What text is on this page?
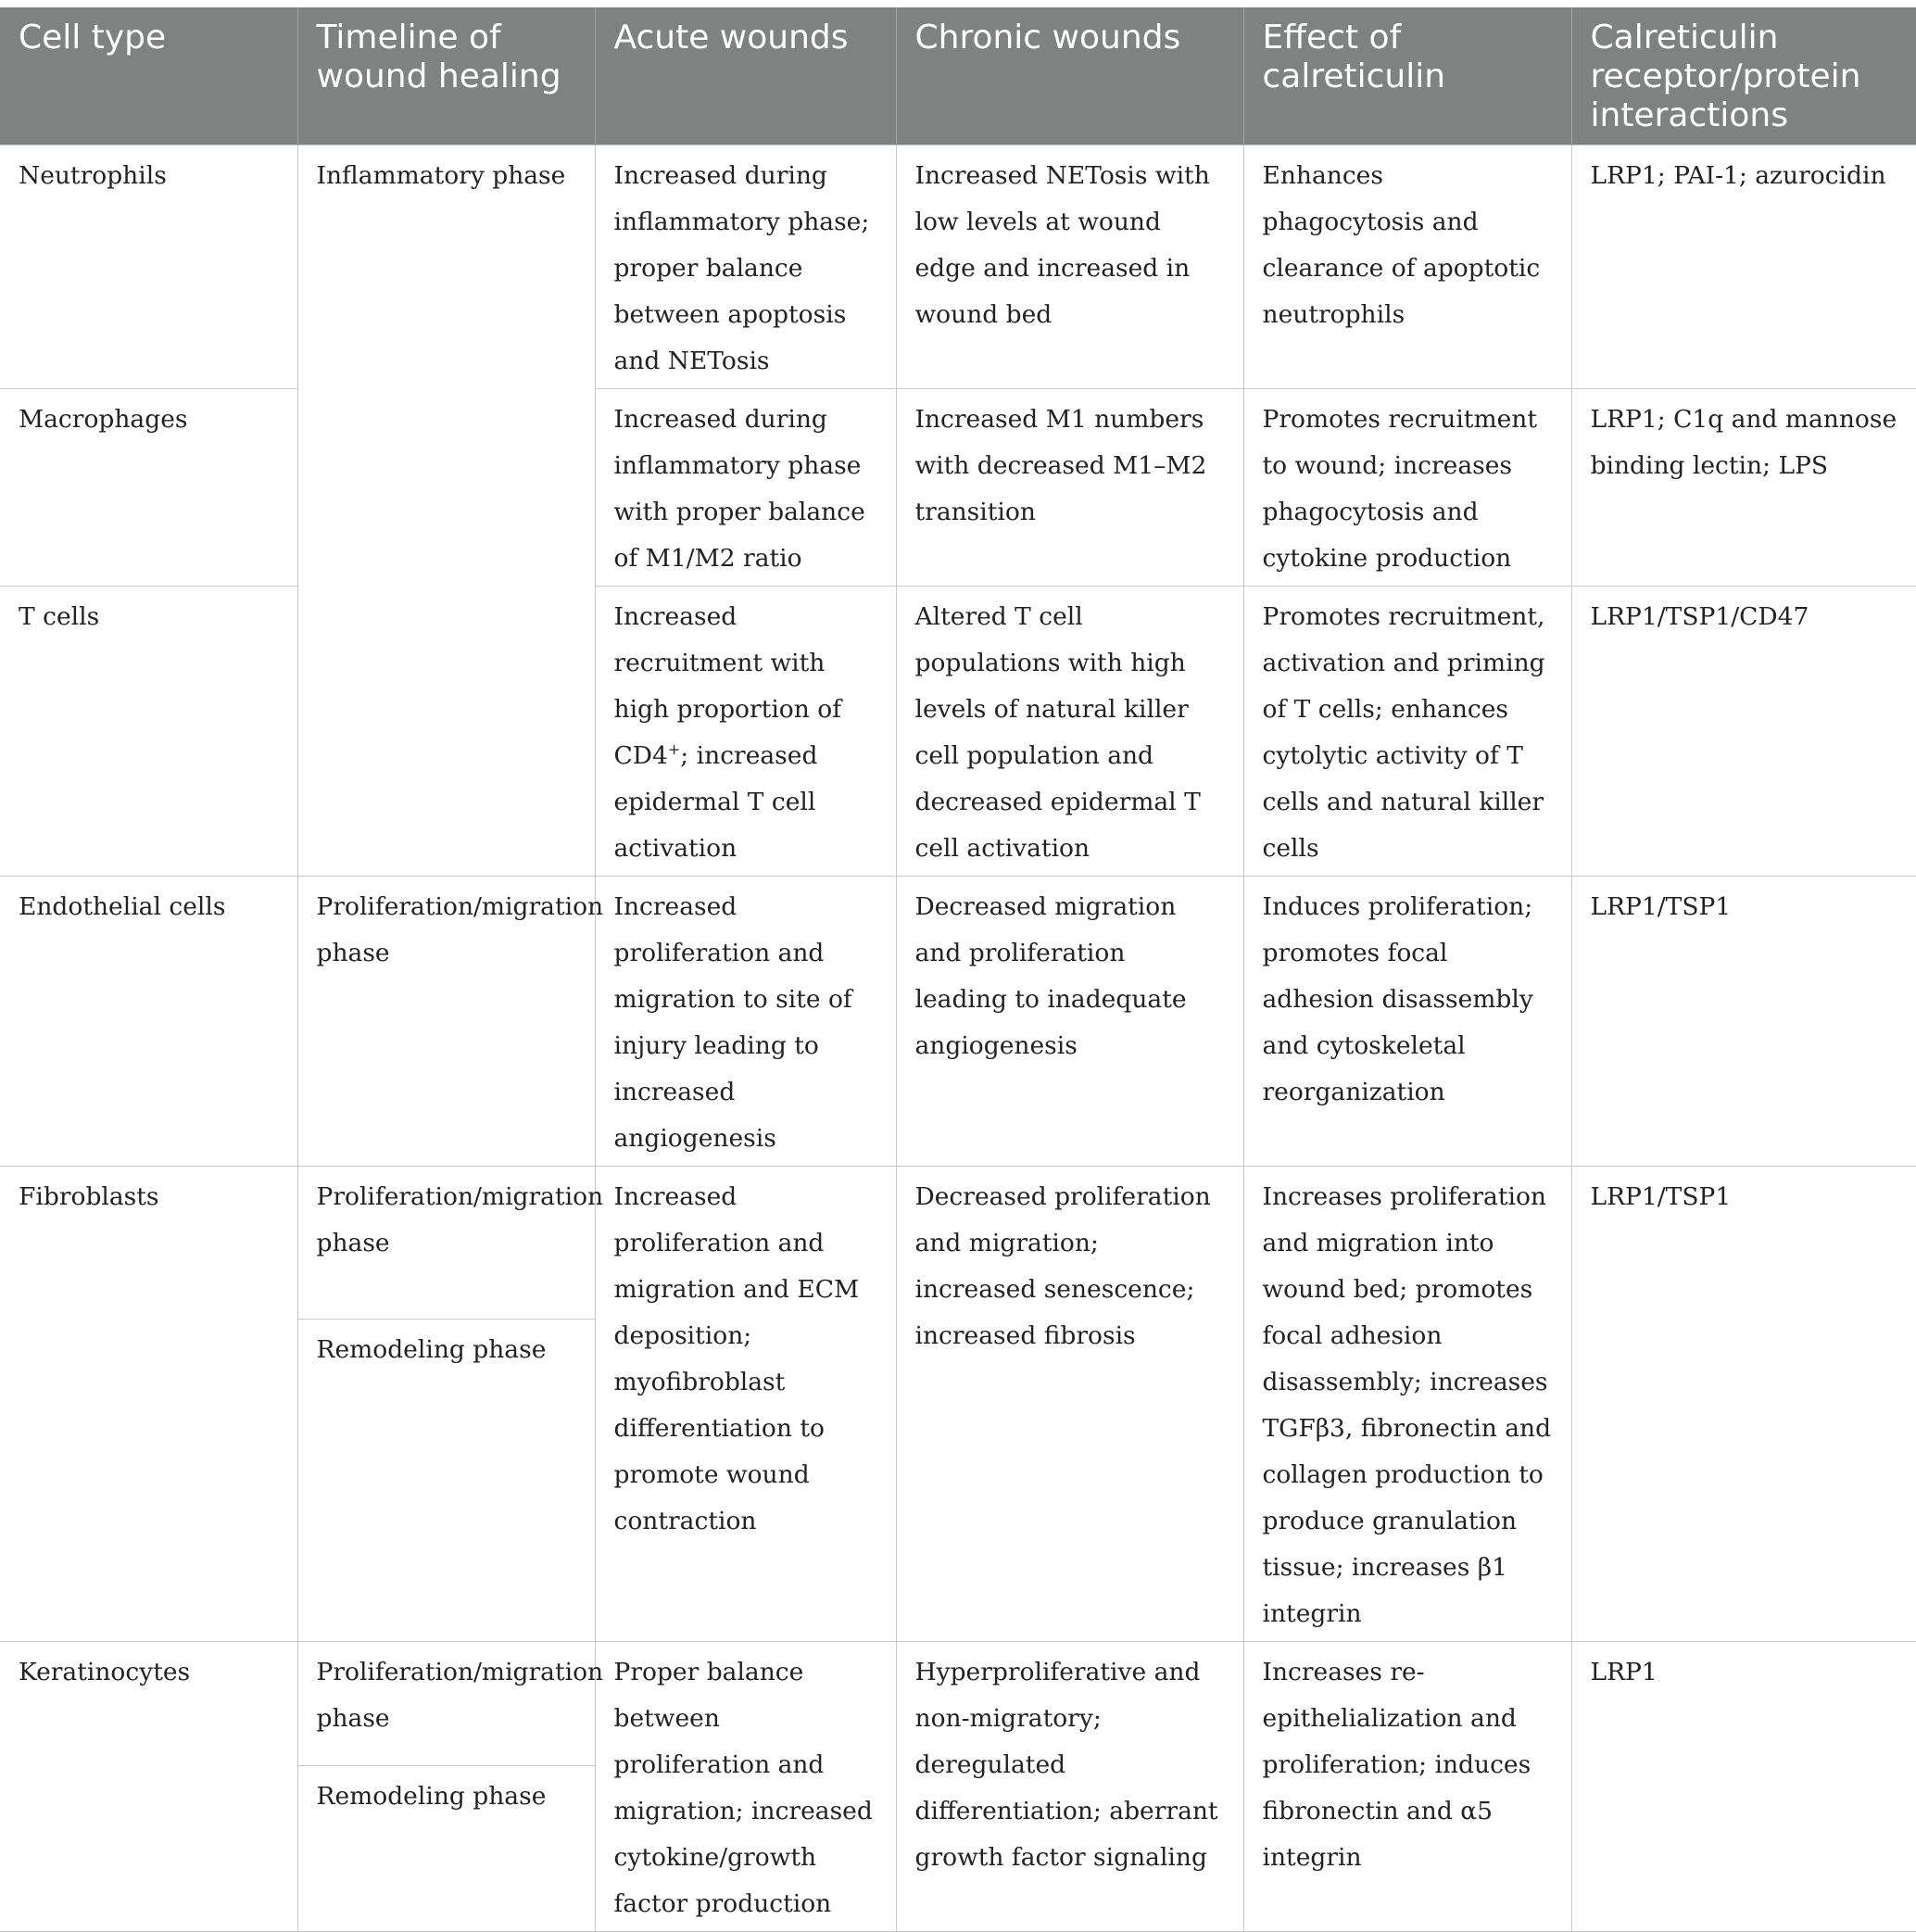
Cell type	Timeline of wound healing	Acute wounds	Chronic wounds	Effect of calreticulin	Calreticulin receptor/protein interactions
Neutrophils	Inflammatory phase	Increased during inflammatory phase; proper balance between apoptosis and NETosis	Increased NETosis with low levels at wound edge and increased in wound bed	Enhances phagocytosis and clearance of apoptotic neutrophils	LRP1; PAI-1; azurocidin
Macrophages		Increased during inflammatory phase with proper balance of M1/M2 ratio	Increased M1 numbers with decreased M1–M2 transition	Promotes recruitment to wound; increases phagocytosis and cytokine production	LRP1; C1q and mannose binding lectin; LPS
T cells		Increased recruitment with high proportion of CD4+; increased epidermal T cell activation	Altered T cell populations with high levels of natural killer cell population and decreased epidermal T cell activation	Promotes recruitment, activation and priming of T cells; enhances cytolytic activity of T cells and natural killer cells	LRP1/TSP1/CD47
Endothelial cells	Proliferation/migration phase	Increased proliferation and migration to site of injury leading to increased angiogenesis	Decreased migration and proliferation leading to inadequate angiogenesis	Induces proliferation; promotes focal adhesion disassembly and cytoskeletal reorganization	LRP1/TSP1
Fibroblasts	Proliferation/migration phase	Increased proliferation and migration and ECM deposition; myofibroblast differentiation to promote wound contraction	Decreased proliferation and migration; increased senescence; increased fibrosis	Increases proliferation and migration into wound bed; promotes focal adhesion disassembly; increases TGFβ3, fibronectin and collagen production to produce granulation tissue; increases β1 integrin	LRP1/TSP1
	Remodeling phase				
Keratinocytes	Proliferation/migration phase	Proper balance between proliferation and migration; increased cytokine/growth factor production	Hyperproliferative and non-migratory; deregulated differentiation; aberrant growth factor signaling	Increases re-epithelialization and proliferation; induces fibronectin and α5 integrin	LRP1
	Remodeling phase				
